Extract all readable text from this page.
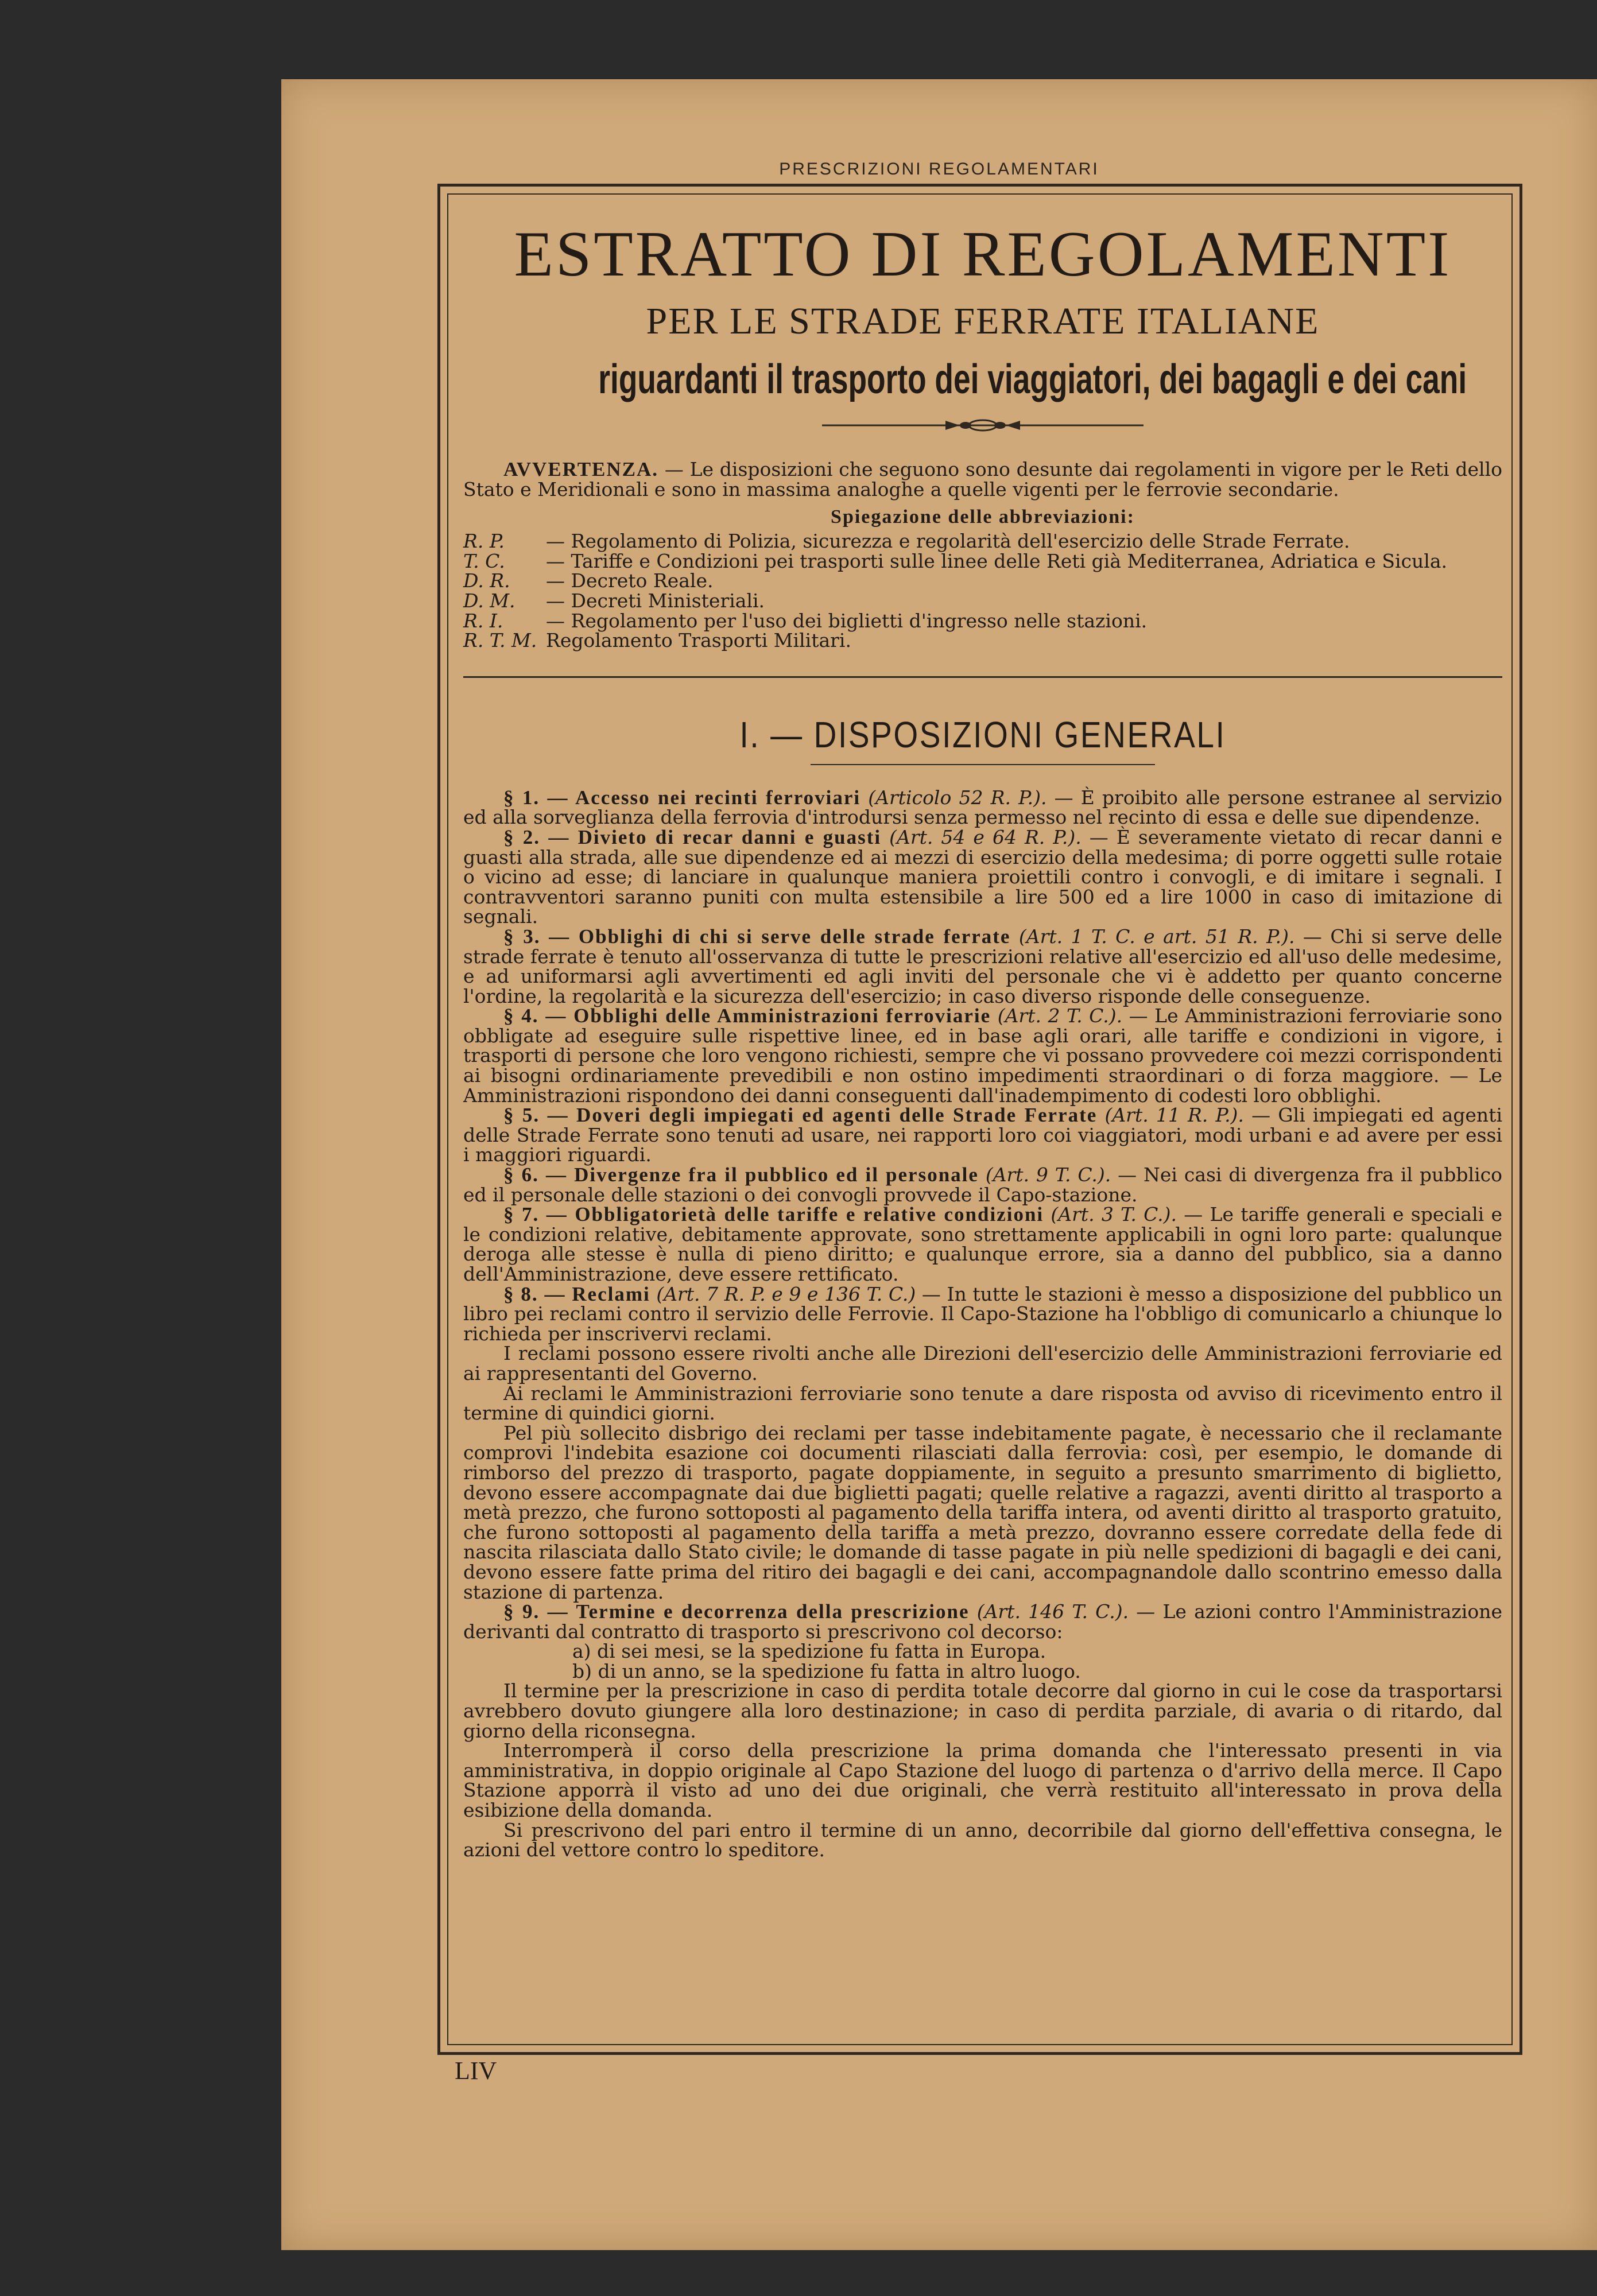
PRESCRIZIONI REGOLAMENTARI
ESTRATTO DI REGOLAMENTI
PER LE STRADE FERRATE ITALIANE
riguardanti il trasporto dei viaggiatori, dei bagagli e dei cani

AVVERTENZA. — Le disposizioni che seguono sono desunte dai regolamenti in vigore per le Reti dello Stato e Meridionali e sono in massima analoghe a quelle vigenti per le ferrovie secondarie.

Spiegazione delle abbreviazioni:
R. P.	— Regolamento di Polizia, sicurezza e regolarità dell'esercizio delle Strade Ferrate.
T. C.	— Tariffe e Condizioni pei trasporti sulle linee delle Reti già Mediterranea, Adriatica e Sicula.
D. R.	— Decreto Reale.
D. M.	— Decreti Ministeriali.
R. I.	— Regolamento per l'uso dei biglietti d'ingresso nelle stazioni.
R. T. M. Regolamento Trasporti Militari.
I. — DISPOSIZIONI GENERALI

§ 1. — Accesso nei recinti ferroviari (Articolo 52 R. P.). — È proibito alle persone estranee al servizio ed alla sorveglianza della ferrovia d'introdursi senza permesso nel recinto di essa e delle sue dipendenze.

§ 2. — Divieto di recar danni e guasti (Art. 54 e 64 R. P.). — È severamente vietato di recar danni e guasti alla strada, alle sue dipendenze ed ai mezzi di esercizio della medesima; di porre oggetti sulle rotaie o vicino ad esse; di lanciare in qualunque maniera proiettili contro i convogli, e di imitare i segnali. I contravventori saranno puniti con multa estensibile a lire 500 ed a lire 1000 in caso di imitazione di segnali.

§ 3. — Obblighi di chi si serve delle strade ferrate (Art. 1 T. C. e art. 51 R. P.). — Chi si serve delle strade ferrate è tenuto all'osservanza di tutte le prescrizioni relative all'esercizio ed all'uso delle medesime, e ad uniformarsi agli avvertimenti ed agli inviti del personale che vi è addetto per quanto concerne l'ordine, la regolarità e la sicurezza dell'esercizio; in caso diverso risponde delle conseguenze.

§ 4. — Obblighi delle Amministrazioni ferroviarie (Art. 2 T. C.). — Le Amministrazioni ferroviarie sono obbligate ad eseguire sulle rispettive linee, ed in base agli orari, alle tariffe e condizioni in vigore, i trasporti di persone che loro vengono richiesti, sempre che vi possano provvedere coi mezzi corrispondenti ai bisogni ordinariamente prevedibili e non ostino impedimenti straordinari o di forza maggiore. — Le Amministrazioni rispondono dei danni conseguenti dall'inadempimento di codesti loro obblighi.

§ 5. — Doveri degli impiegati ed agenti delle Strade Ferrate (Art. 11 R. P.). — Gli impiegati ed agenti delle Strade Ferrate sono tenuti ad usare, nei rapporti loro coi viaggiatori, modi urbani e ad avere per essi i maggiori riguardi.

§ 6. — Divergenze fra il pubblico ed il personale (Art. 9 T. C.). — Nei casi di divergenza fra il pubblico ed il personale delle stazioni o dei convogli provvede il Capo-stazione.

§ 7. — Obbligatorietà delle tariffe e relative condizioni (Art. 3 T. C.). — Le tariffe generali e speciali e le condizioni relative, debitamente approvate, sono strettamente applicabili in ogni loro parte: qualunque deroga alle stesse è nulla di pieno diritto; e qualunque errore, sia a danno del pubblico, sia a danno dell'Amministrazione, deve essere rettificato.

§ 8. — Reclami (Art. 7 R. P. e 9 e 136 T. C.) — In tutte le stazioni è messo a disposizione del pubblico un libro pei reclami contro il servizio delle Ferrovie. Il Capo-Stazione ha l'obbligo di comunicarlo a chiunque lo richieda per inscrivervi reclami.

I reclami possono essere rivolti anche alle Direzioni dell'esercizio delle Amministrazioni ferroviarie ed ai rappresentanti del Governo.

Ai reclami le Amministrazioni ferroviarie sono tenute a dare risposta od avviso di ricevimento entro il termine di quindici giorni.

Pel più sollecito disbrigo dei reclami per tasse indebitamente pagate, è necessario che il reclamante comprovi l'indebita esazione coi documenti rilasciati dalla ferrovia: così, per esempio, le domande di rimborso del prezzo di trasporto, pagate doppiamente, in seguito a presunto smarrimento di biglietto, devono essere accompagnate dai due biglietti pagati; quelle relative a ragazzi, aventi diritto al trasporto a metà prezzo, che furono sottoposti al pagamento della tariffa intera, od aventi diritto al trasporto gratuito, che furono sottoposti al pagamento della tariffa a metà prezzo, dovranno essere corredate della fede di nascita rilasciata dallo Stato civile; le domande di tasse pagate in più nelle spedizioni di bagagli e dei cani, devono essere fatte prima del ritiro dei bagagli e dei cani, accompagnandole dallo scontrino emesso dalla stazione di partenza.

§ 9. — Termine e decorrenza della prescrizione (Art. 146 T. C.). — Le azioni contro l'Amministrazione derivanti dal contratto di trasporto si prescrivono col decorso:

a) di sei mesi, se la spedizione fu fatta in Europa.

b) di un anno, se la spedizione fu fatta in altro luogo.

Il termine per la prescrizione in caso di perdita totale decorre dal giorno in cui le cose da trasportarsi avrebbero dovuto giungere alla loro destinazione; in caso di perdita parziale, di avaria o di ritardo, dal giorno della riconsegna.

Interromperà il corso della prescrizione la prima domanda che l'interessato presenti in via amministrativa, in doppio originale al Capo Stazione del luogo di partenza o d'arrivo della merce. Il Capo Stazione apporrà il visto ad uno dei due originali, che verrà restituito all'interessato in prova della esibizione della domanda.

Si prescrivono del pari entro il termine di un anno, decorribile dal giorno dell'effettiva consegna, le azioni del vettore contro lo speditore.

LIV
